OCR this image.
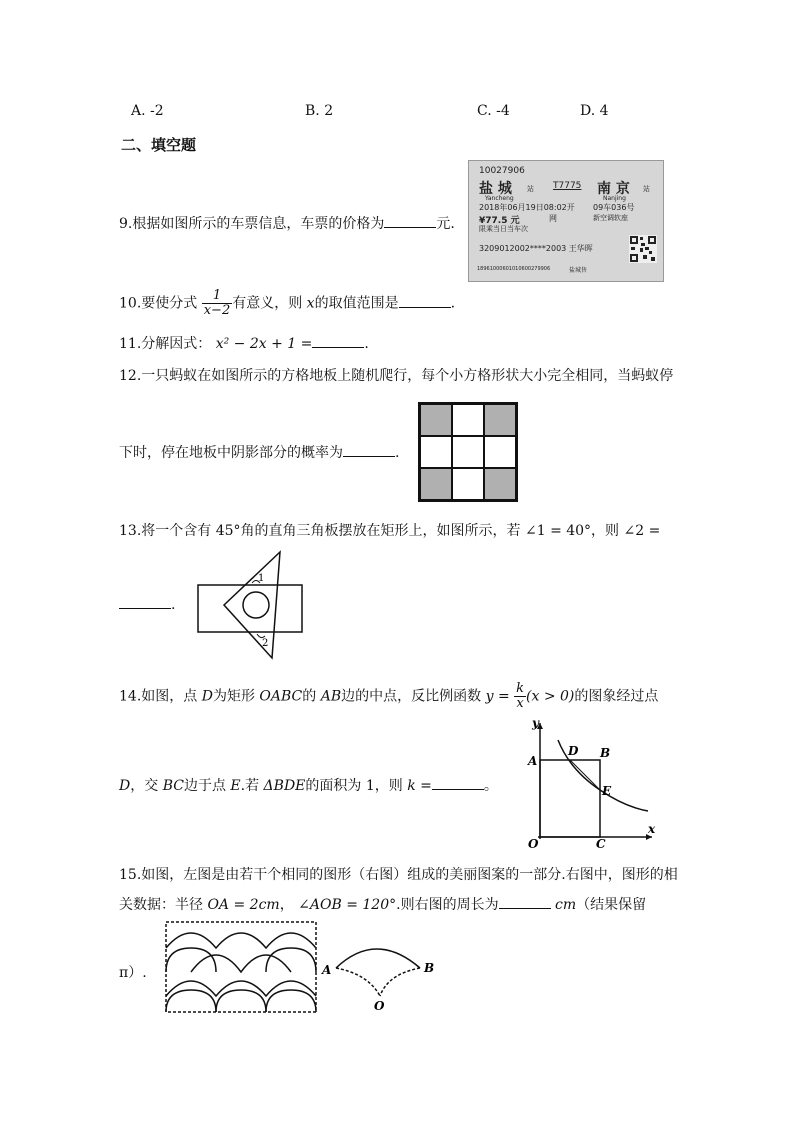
A. -2	B. 2	C. -4	D. 4
二、填空题
9.根据如图所示的车票信息，车票的价格为	元.
10027906
盐 城 站 T7775 南 京 站
Yancheng	Nanjing
2018年06月19日08:02开 09车036号
¥77.5 元	网	新空调软座
限乘当日当车次
3209012002****2003 王华晖
18961000601010600279906	盐城售
10.要使分式 $\frac{1}{x-2}$ 有意义，则 x的取值范围是	.
11.分解因式： x² − 2x + 1 =	.
12.一只蚂蚁在如图所示的方格地板上随机爬行，每个小方格形状大小完全相同，当蚂蚁停
下时，停在地板中阴影部分的概率为	.
13.将一个含有 45°角的直角三角板摆放在矩形上，如图所示，若 ∠1 = 40°，则 ∠2 =
.
1
2
14.如图，点 D为矩形 OABC的 AB边的中点，反比例函数 $y = \frac{k}{x} (x > 0)$的图象经过点
D，交 BC边于点 E.若 ΔBDE的面积为 1，则 k =	。
y
x
A
D B
E
O	C
15.如图，左图是由若干个相同的图形（右图）组成的美丽图案的一部分.右图中，图形的相
关数据：半径 OA = 2cm， ∠AOB = 120°.则右图的周长为	cm（结果保留
π）.	A	B
O
